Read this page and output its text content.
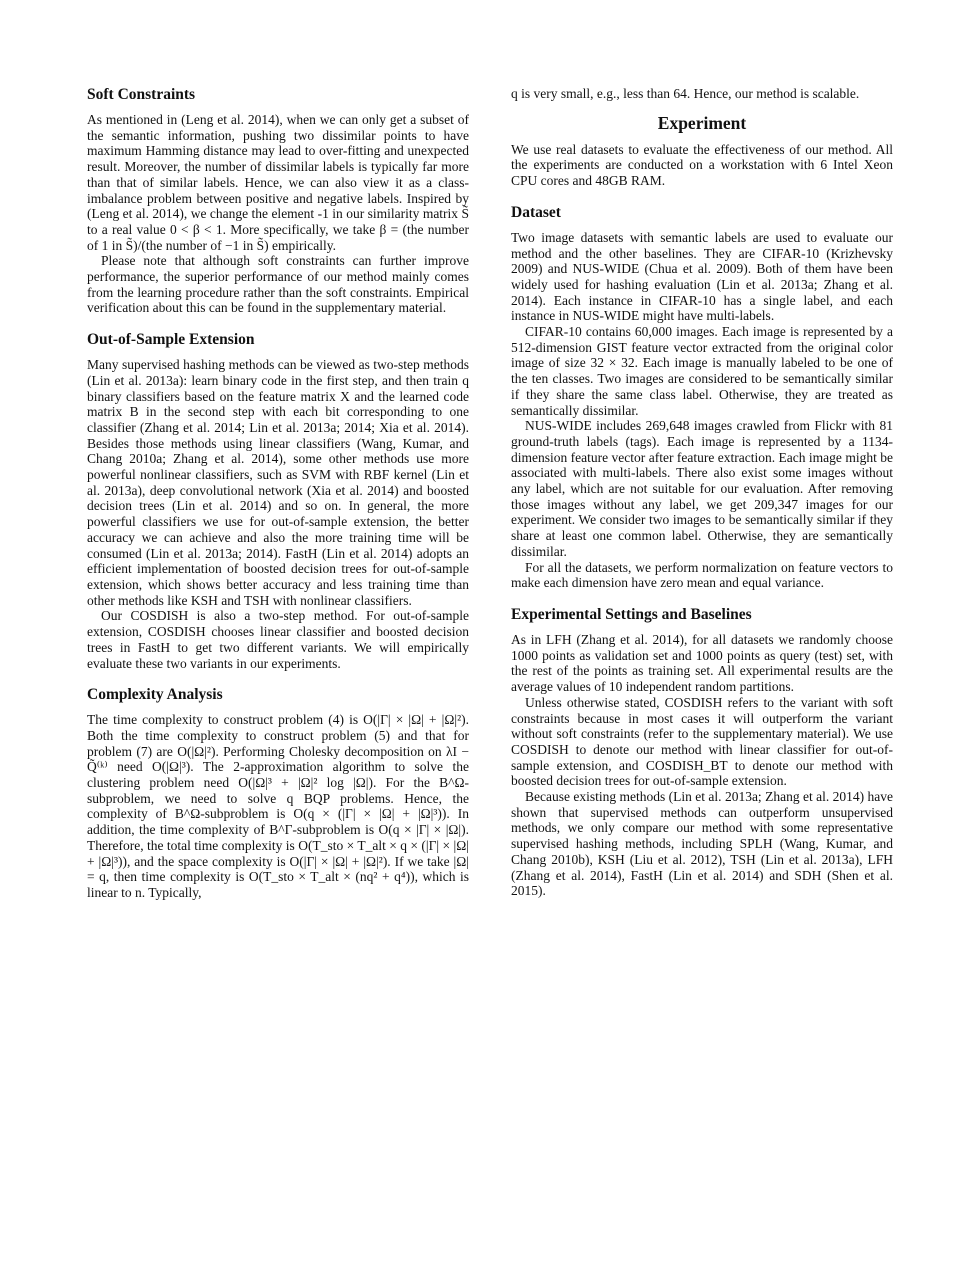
Soft Constraints

As mentioned in (Leng et al. 2014), when we can only get a subset of the semantic information, pushing two dissimilar points to have maximum Hamming distance may lead to over-fitting and unexpected result. Moreover, the number of dissimilar labels is typically far more than that of similar labels. Hence, we can also view it as a class-imbalance problem between positive and negative labels. Inspired by (Leng et al. 2014), we change the element -1 in our similarity matrix S̃ to a real value 0 < β < 1. More specifically, we take β = (the number of 1 in S̃)/(the number of −1 in S̃) empirically.

Please note that although soft constraints can further improve performance, the superior performance of our method mainly comes from the learning procedure rather than the soft constraints. Empirical verification about this can be found in the supplementary material.

Out-of-Sample Extension

Many supervised hashing methods can be viewed as two-step methods (Lin et al. 2013a): learn binary code in the first step, and then train q binary classifiers based on the feature matrix X and the learned code matrix B in the second step with each bit corresponding to one classifier (Zhang et al. 2014; Lin et al. 2013a; 2014; Xia et al. 2014). Besides those methods using linear classifiers (Wang, Kumar, and Chang 2010a; Zhang et al. 2014), some other methods use more powerful nonlinear classifiers, such as SVM with RBF kernel (Lin et al. 2013a), deep convolutional network (Xia et al. 2014) and boosted decision trees (Lin et al. 2014) and so on. In general, the more powerful classifiers we use for out-of-sample extension, the better accuracy we can achieve and also the more training time will be consumed (Lin et al. 2013a; 2014). FastH (Lin et al. 2014) adopts an efficient implementation of boosted decision trees for out-of-sample extension, which shows better accuracy and less training time than other methods like KSH and TSH with nonlinear classifiers.

Our COSDISH is also a two-step method. For out-of-sample extension, COSDISH chooses linear classifier and boosted decision trees in FastH to get two different variants. We will empirically evaluate these two variants in our experiments.

Complexity Analysis

The time complexity to construct problem (4) is O(|Γ| × |Ω| + |Ω|²). Both the time complexity to construct problem (5) and that for problem (7) are O(|Ω|²). Performing Cholesky decomposition on λI − Q̃⁽ᵏ⁾ need O(|Ω|³). The 2-approximation algorithm to solve the clustering problem need O(|Ω|³ + |Ω|² log |Ω|). For the B^Ω-subproblem, we need to solve q BQP problems. Hence, the complexity of B^Ω-subproblem is O(q × (|Γ| × |Ω| + |Ω|³)). In addition, the time complexity of B^Γ-subproblem is O(q × |Γ| × |Ω|). Therefore, the total time complexity is O(T_sto × T_alt × q × (|Γ| × |Ω| + |Ω|³)), and the space complexity is O(|Γ| × |Ω| + |Ω|²). If we take |Ω| = q, then time complexity is O(T_sto × T_alt × (nq² + q⁴)), which is linear to n. Typically,

q is very small, e.g., less than 64. Hence, our method is scalable.

Experiment

We use real datasets to evaluate the effectiveness of our method. All the experiments are conducted on a workstation with 6 Intel Xeon CPU cores and 48GB RAM.

Dataset

Two image datasets with semantic labels are used to evaluate our method and the other baselines. They are CIFAR-10 (Krizhevsky 2009) and NUS-WIDE (Chua et al. 2009). Both of them have been widely used for hashing evaluation (Lin et al. 2013a; Zhang et al. 2014). Each instance in CIFAR-10 has a single label, and each instance in NUS-WIDE might have multi-labels.

CIFAR-10 contains 60,000 images. Each image is represented by a 512-dimension GIST feature vector extracted from the original color image of size 32 × 32. Each image is manually labeled to be one of the ten classes. Two images are considered to be semantically similar if they share the same class label. Otherwise, they are treated as semantically dissimilar.

NUS-WIDE includes 269,648 images crawled from Flickr with 81 ground-truth labels (tags). Each image is represented by a 1134-dimension feature vector after feature extraction. Each image might be associated with multi-labels. There also exist some images without any label, which are not suitable for our evaluation. After removing those images without any label, we get 209,347 images for our experiment. We consider two images to be semantically similar if they share at least one common label. Otherwise, they are semantically dissimilar.

For all the datasets, we perform normalization on feature vectors to make each dimension have zero mean and equal variance.

Experimental Settings and Baselines

As in LFH (Zhang et al. 2014), for all datasets we randomly choose 1000 points as validation set and 1000 points as query (test) set, with the rest of the points as training set. All experimental results are the average values of 10 independent random partitions.

Unless otherwise stated, COSDISH refers to the variant with soft constraints because in most cases it will outperform the variant without soft constraints (refer to the supplementary material). We use COSDISH to denote our method with linear classifier for out-of-sample extension, and COSDISH_BT to denote our method with boosted decision trees for out-of-sample extension.

Because existing methods (Lin et al. 2013a; Zhang et al. 2014) have shown that supervised methods can outperform unsupervised methods, we only compare our method with some representative supervised hashing methods, including SPLH (Wang, Kumar, and Chang 2010b), KSH (Liu et al. 2012), TSH (Lin et al. 2013a), LFH (Zhang et al. 2014), FastH (Lin et al. 2014) and SDH (Shen et al. 2015).
